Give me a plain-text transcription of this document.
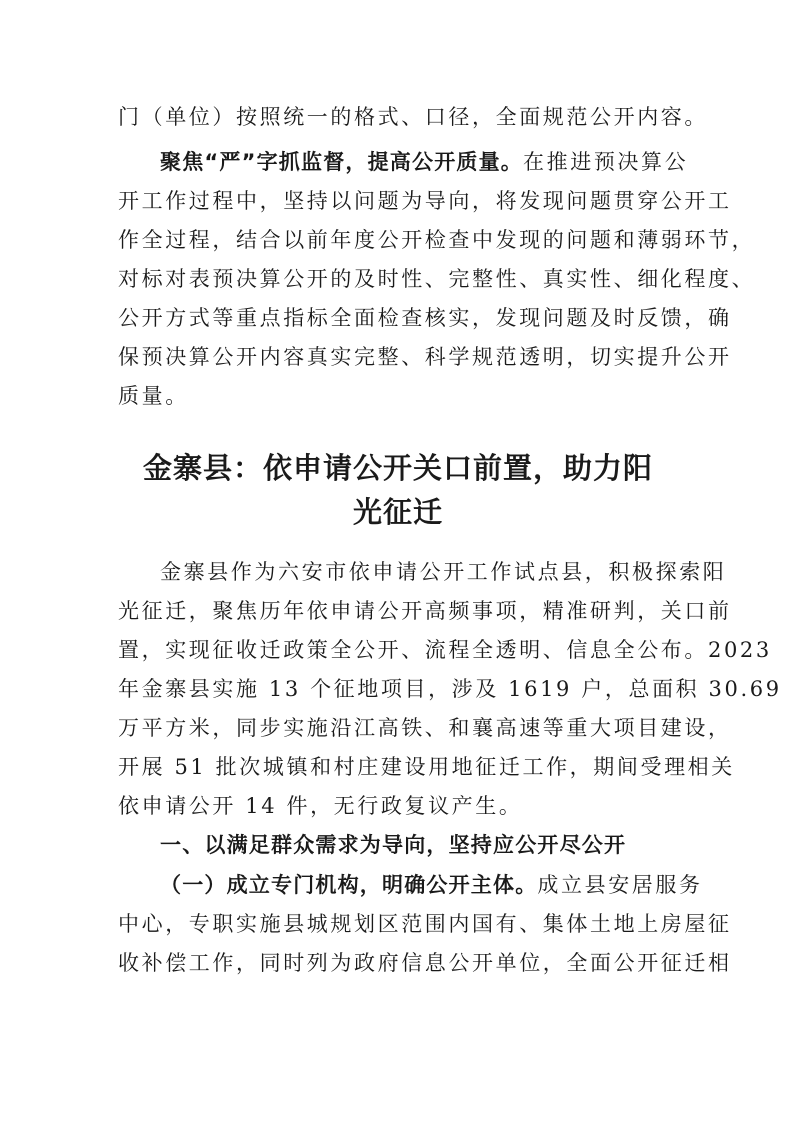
门（单位）按照统一的格式、口径，全面规范公开内容。
聚焦“严”字抓监督，提高公开质量。在推进预决算公
开工作过程中，坚持以问题为导向，将发现问题贯穿公开工
作全过程，结合以前年度公开检查中发现的问题和薄弱环节，
对标对表预决算公开的及时性、完整性、真实性、细化程度、
公开方式等重点指标全面检查核实，发现问题及时反馈，确
保预决算公开内容真实完整、科学规范透明，切实提升公开
质量。
金寨县：依申请公开关口前置，助力阳
光征迁
金寨县作为六安市依申请公开工作试点县，积极探索阳
光征迁，聚焦历年依申请公开高频事项，精准研判，关口前
置，实现征收迁政策全公开、流程全透明、信息全公布。2023
年金寨县实施 13 个征地项目，涉及 1619 户，总面积 30.69
万平方米，同步实施沿江高铁、和襄高速等重大项目建设，
开展 51 批次城镇和村庄建设用地征迁工作，期间受理相关
依申请公开 14 件，无行政复议产生。
一、以满足群众需求为导向，坚持应公开尽公开
（一）成立专门机构，明确公开主体。成立县安居服务
中心，专职实施县城规划区范围内国有、集体土地上房屋征
收补偿工作，同时列为政府信息公开单位，全面公开征迁相
